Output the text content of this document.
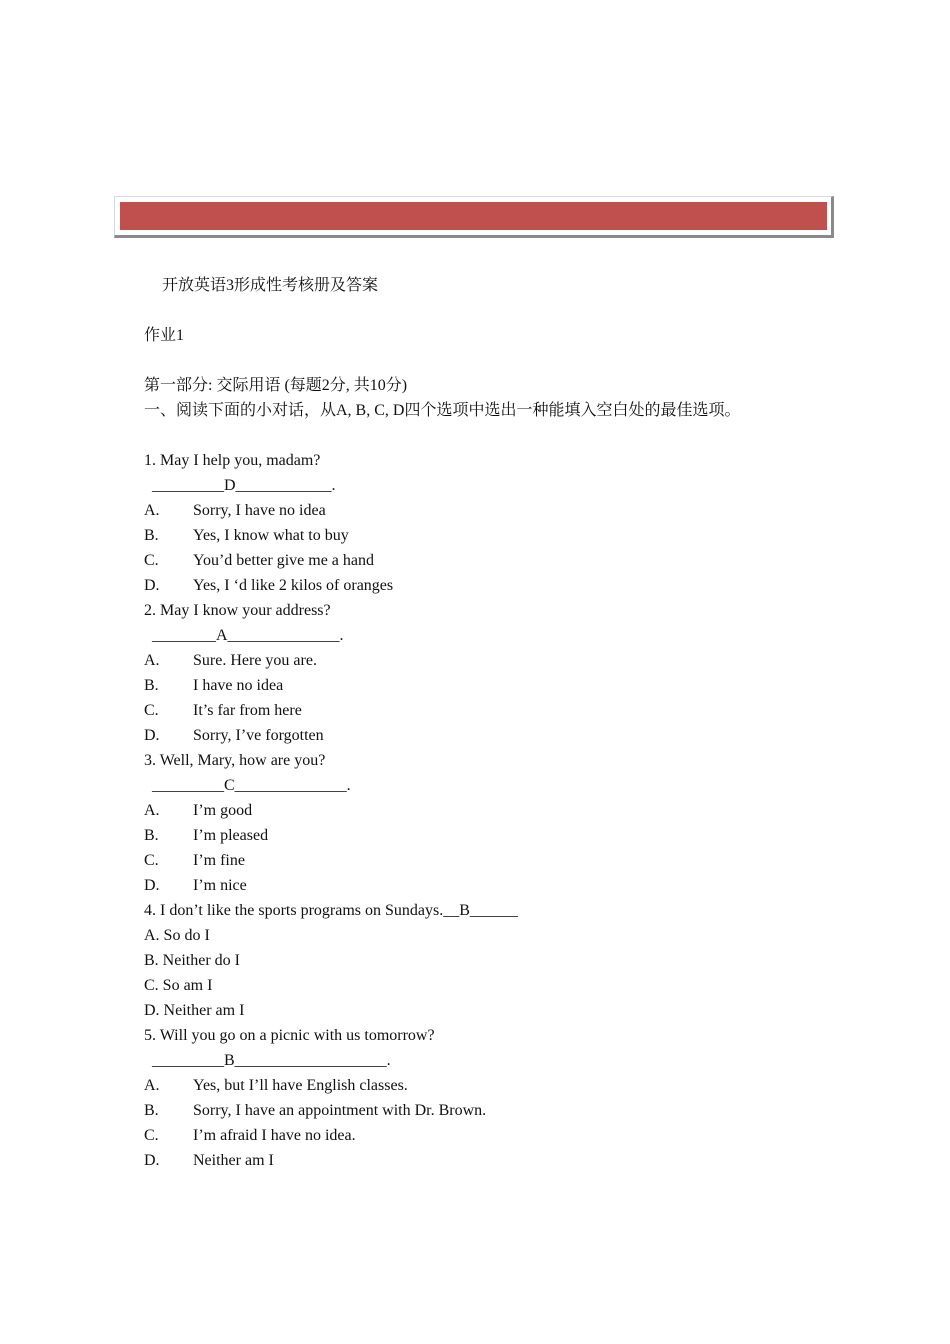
开放英语3形成性考核册及答案
作业1
第一部分: 交际用语 (每题2分, 共10分)
一、阅读下面的小对话，从A, B, C, D四个选项中选出一种能填入空白处的最佳选项。
1. May I help you, madam?
_________D____________.
A. Sorry, I have no idea
B. Yes, I know what to buy
C. You’d better give me a hand
D. Yes, I ‘d like 2 kilos of oranges
2. May I know your address?
________A______________.
A. Sure. Here you are.
B. I have no idea
C. It’s far from here
D. Sorry, I’ve forgotten
3. Well, Mary, how are you?
_________C______________.
A. I’m good
B. I’m pleased
C. I’m fine
D. I’m nice
4. I don’t like the sports programs on Sundays.__B______
A. So do I
B. Neither do I
C. So am I
D. Neither am I
5. Will you go on a picnic with us tomorrow?
_________B___________________.
A. Yes, but I’ll have English classes.
B. Sorry, I have an appointment with Dr. Brown.
C. I’m afraid I have no idea.
D. Neither am I
